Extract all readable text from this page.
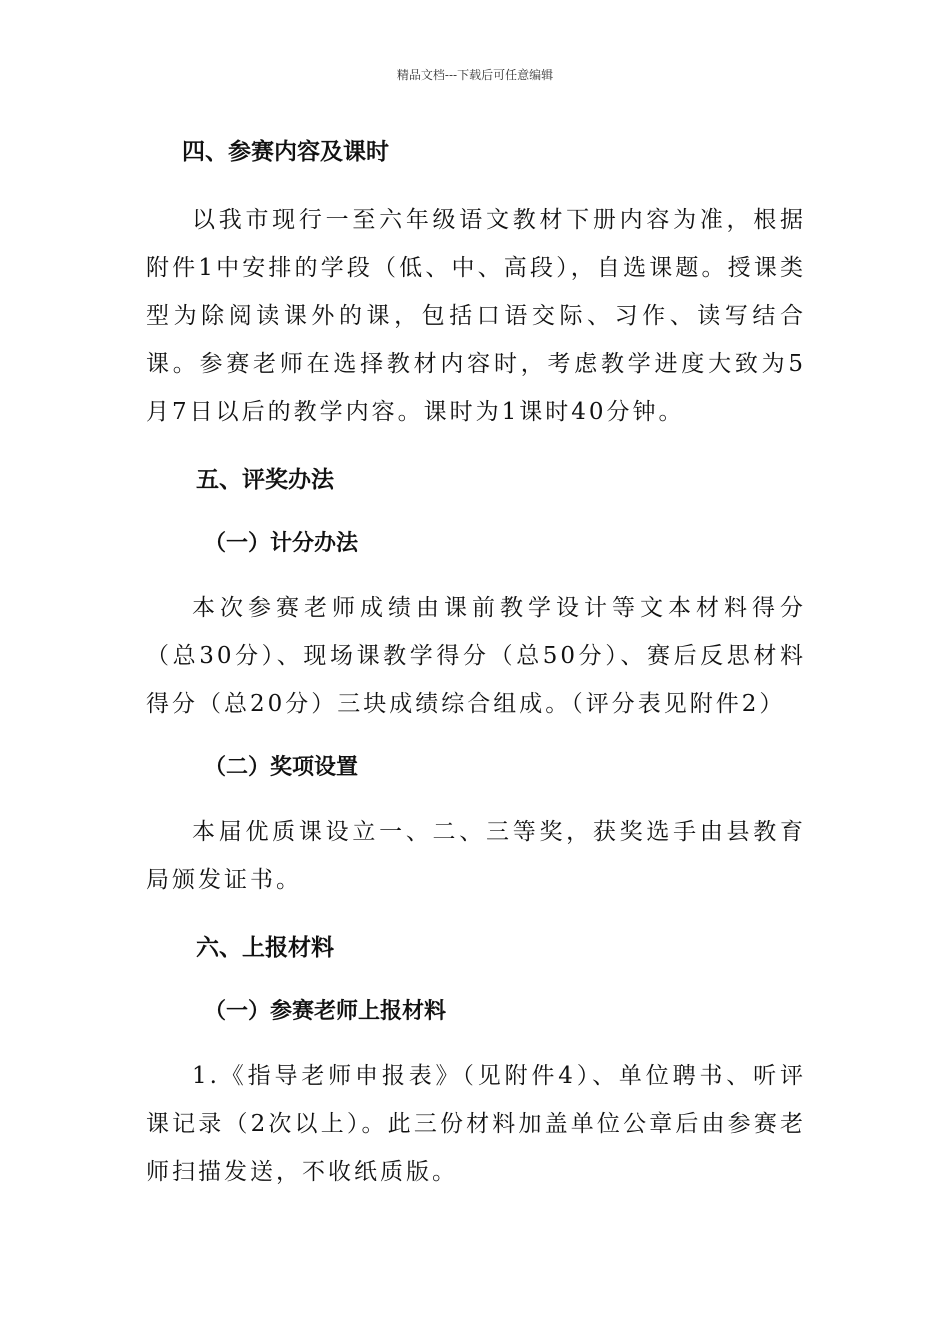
精品文档---下载后可任意编辑
四、参赛内容及课时

以我市现行一至六年级语文教材下册内容为准，根据附件1中安排的学段（低、中、高段），自选课题。授课类型为除阅读课外的课，包括口语交际、习作、读写结合课。参赛老师在选择教材内容时，考虑教学进度大致为5月7日以后的教学内容。课时为1课时40分钟。

五、评奖办法
（一）计分办法

本次参赛老师成绩由课前教学设计等文本材料得分（总30分）、现场课教学得分（总50分）、赛后反思材料得分（总20分）三块成绩综合组成。（评分表见附件2）

（二）奖项设置

本届优质课设立一、二、三等奖，获奖选手由县教育局颁发证书。

六、上报材料
（一）参赛老师上报材料

1.《指导老师申报表》（见附件4）、单位聘书、听评课记录（2次以上）。此三份材料加盖单位公章后由参赛老师扫描发送，不收纸质版。
